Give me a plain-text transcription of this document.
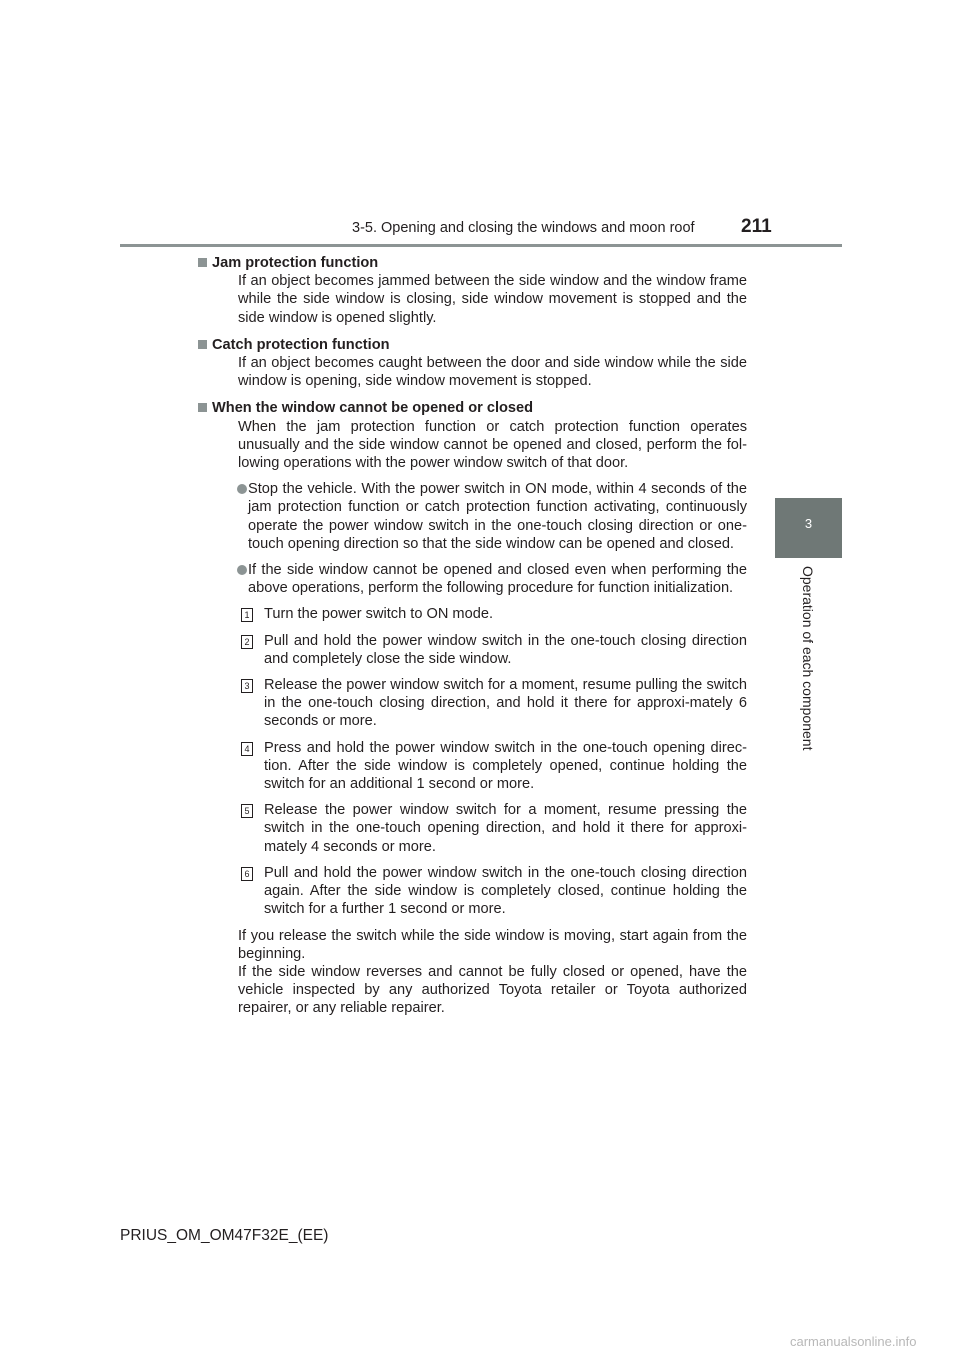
3-5. Opening and closing the windows and moon roof 211
3
Operation of each component
Jam protection function
If an object becomes jammed between the side window and the window frame while the side window is closing, side window movement is stopped and the side window is opened slightly.
Catch protection function
If an object becomes caught between the door and side window while the side window is opening, side window movement is stopped.
When the window cannot be opened or closed
When the jam protection function or catch protection function operates unusually and the side window cannot be opened and closed, perform the fol-lowing operations with the power window switch of that door.
Stop the vehicle. With the power switch in ON mode, within 4 seconds of the jam protection function or catch protection function activating, continuously operate the power window switch in the one-touch closing direction or one-touch opening direction so that the side window can be opened and closed.
If the side window cannot be opened and closed even when performing the above operations, perform the following procedure for function initialization.
1 Turn the power switch to ON mode.
2 Pull and hold the power window switch in the one-touch closing direction and completely close the side window.
3 Release the power window switch for a moment, resume pulling the switch in the one-touch closing direction, and hold it there for approxi-mately 6 seconds or more.
4 Press and hold the power window switch in the one-touch opening direc-tion. After the side window is completely opened, continue holding the switch for an additional 1 second or more.
5 Release the power window switch for a moment, resume pressing the switch in the one-touch opening direction, and hold it there for approxi-mately 4 seconds or more.
6 Pull and hold the power window switch in the one-touch closing direction again. After the side window is completely closed, continue holding the switch for a further 1 second or more.
If you release the switch while the side window is moving, start again from the beginning.
If the side window reverses and cannot be fully closed or opened, have the vehicle inspected by any authorized Toyota retailer or Toyota authorized repairer, or any reliable repairer.
PRIUS_OM_OM47F32E_(EE)
carmanualsonline.info
